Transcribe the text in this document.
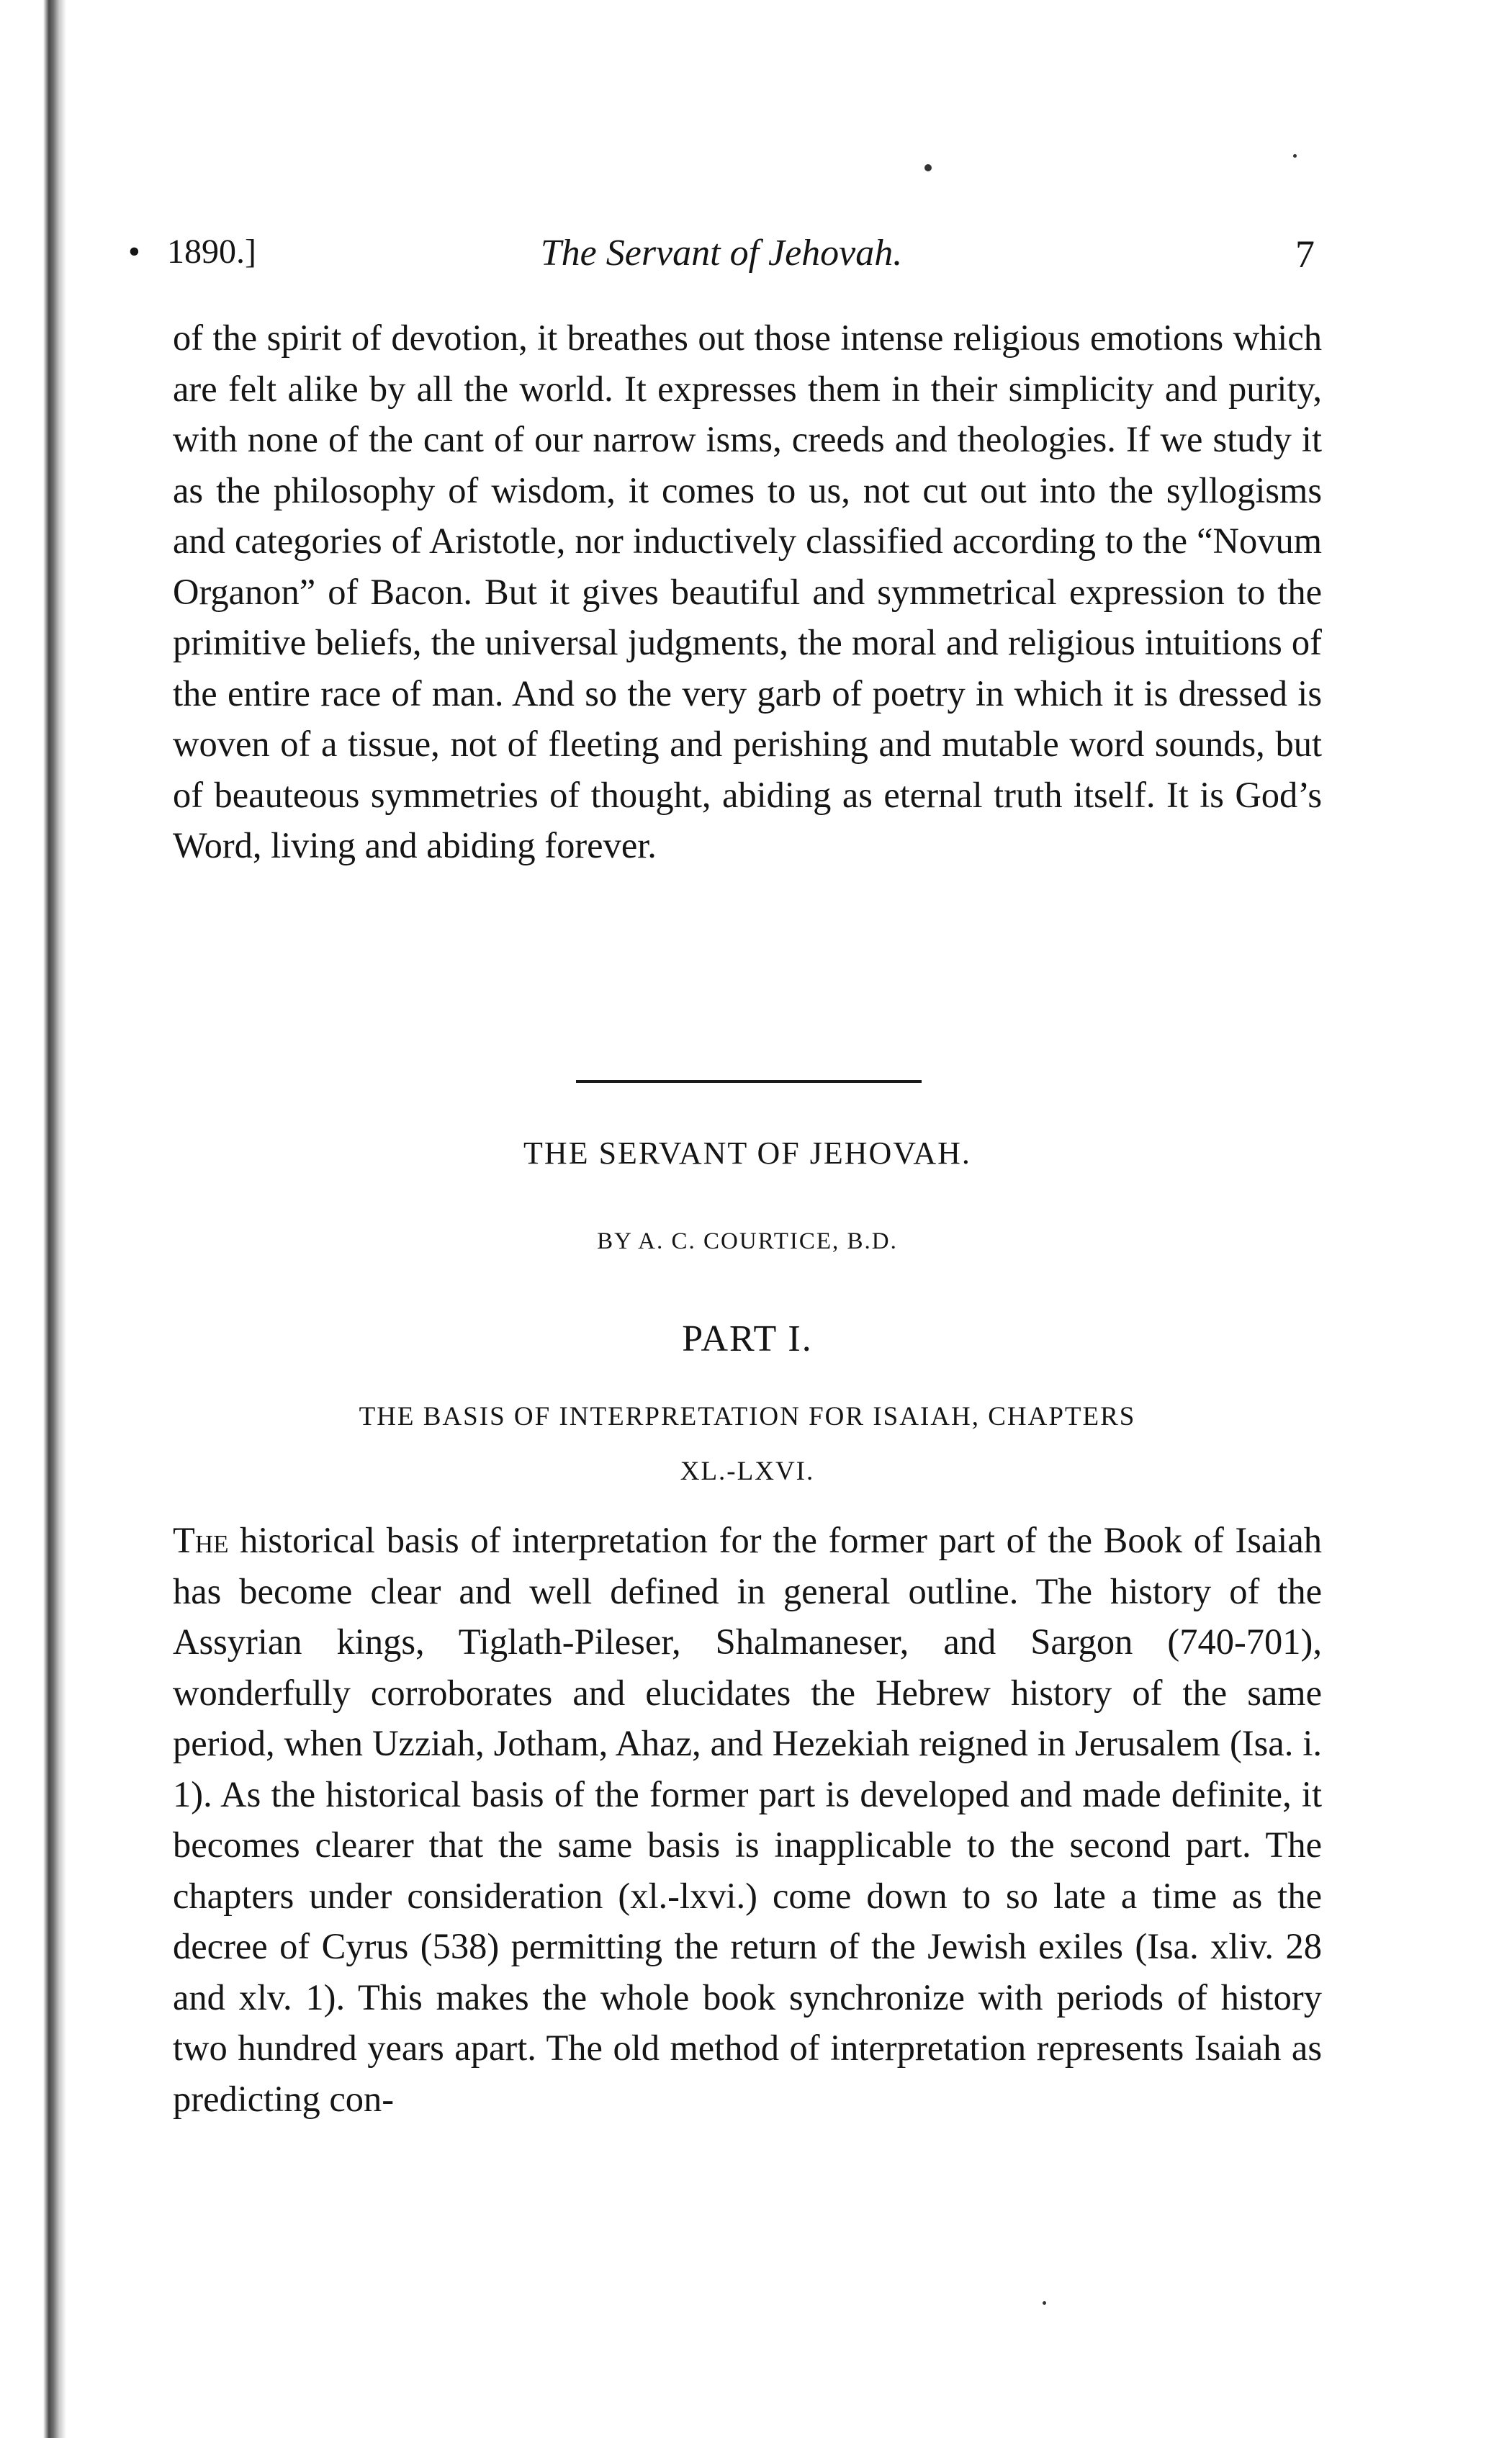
• 1890.]	The Servant of Jehovah.	7

of the spirit of devotion, it breathes out those intense religious emotions which are felt alike by all the world. It expresses them in their simplicity and purity, with none of the cant of our narrow isms, creeds and theologies. If we study it as the philosophy of wisdom, it comes to us, not cut out into the syllogisms and categories of Aristotle, nor inductively classified according to the “Novum Organon” of Bacon. But it gives beautiful and symmetrical expression to the primitive beliefs, the universal judgments, the moral and religious intuitions of the entire race of man. And so the very garb of poetry in which it is dressed is woven of a tissue, not of fleeting and perishing and mutable word sounds, but of beauteous symmetries of thought, abiding as eternal truth itself. It is God’s Word, living and abiding forever.

THE SERVANT OF JEHOVAH.

BY A. C. COURTICE, B.D.

PART I.

THE BASIS OF INTERPRETATION FOR ISAIAH, CHAPTERS

XL.-LXVI.

The historical basis of interpretation for the former part of the Book of Isaiah has become clear and well defined in general outline. The history of the Assyrian kings, Tiglath-Pileser, Shalmaneser, and Sargon (740-701), wonderfully corroborates and elucidates the Hebrew history of the same period, when Uzziah, Jotham, Ahaz, and Hezekiah reigned in Jerusalem (Isa. i. 1). As the historical basis of the former part is developed and made definite, it becomes clearer that the same basis is inapplicable to the second part. The chapters under consideration (xl.-lxvi.) come down to so late a time as the decree of Cyrus (538) permitting the return of the Jewish exiles (Isa. xliv. 28 and xlv. 1). This makes the whole book synchronize with periods of history two hundred years apart. The old method of interpretation represents Isaiah as predicting con-
